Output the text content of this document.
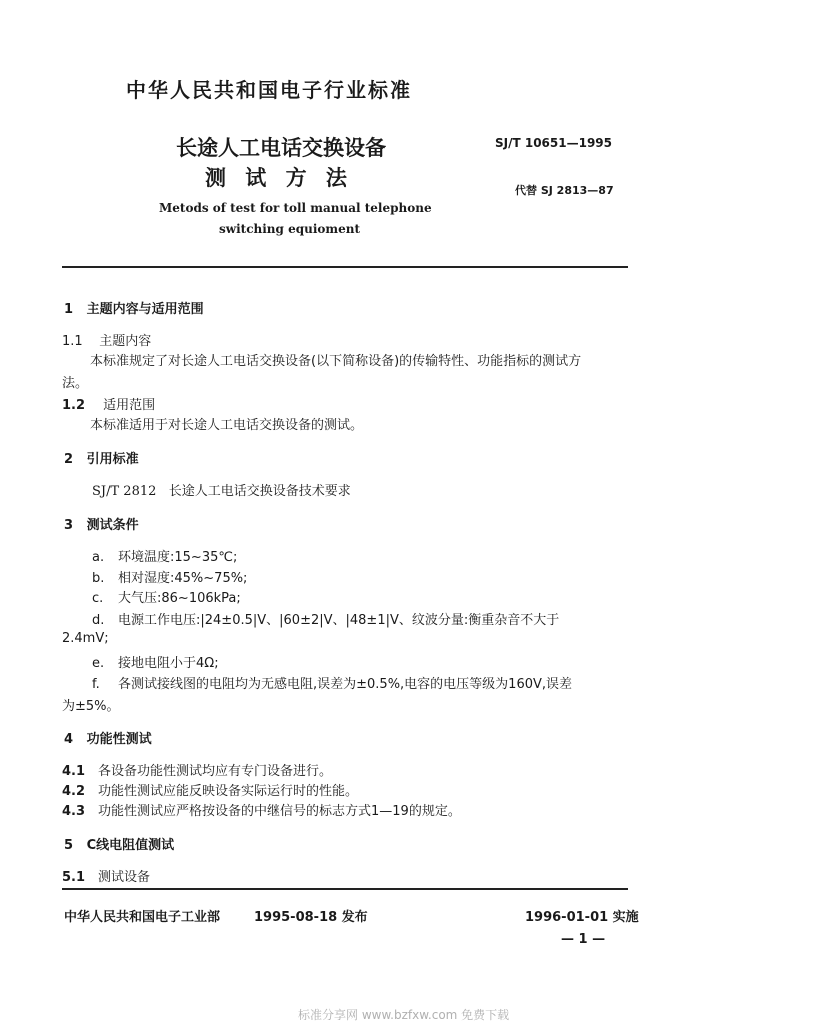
中华人民共和国电子行业标准
长途人工电话交换设备
测 试 方 法
Metods of test for toll manual telephone
switching equioment
SJ/T 10651—1995
代替 SJ 2813—87
1 主题内容与适用范围
1.1 主题内容
本标准规定了对长途人工电话交换设备(以下简称设备)的传输特性、功能指标的测试方
法。
1.2 适用范围
本标准适用于对长途人工电话交换设备的测试。
2 引用标准
SJ/T 2812 长途人工电话交换设备技术要求
3 测试条件
a. 环境温度:15~35℃;
b. 相对湿度:45%~75%;
c. 大气压:86~106kPa;
d. 电源工作电压:|24±0.5|V、|60±2|V、|48±1|V、纹波分量:衡重杂音不大于
2.4mV;
e. 接地电阻小于4Ω;
f. 各测试接线图的电阻均为无感电阻,误差为±0.5%,电容的电压等级为160V,误差
为±5%。
4 功能性测试
4.1 各设备功能性测试均应有专门设备进行。
4.2 功能性测试应能反映设备实际运行时的性能。
4.3 功能性测试应严格按设备的中继信号的标志方式1—19的规定。
5 C线电阻值测试
5.1 测试设备
中华人民共和国电子工业部	1995-08-18 发布	1996-01-01 实施
— 1 —
标准分享网 www.bzfxw.com 免费下载
